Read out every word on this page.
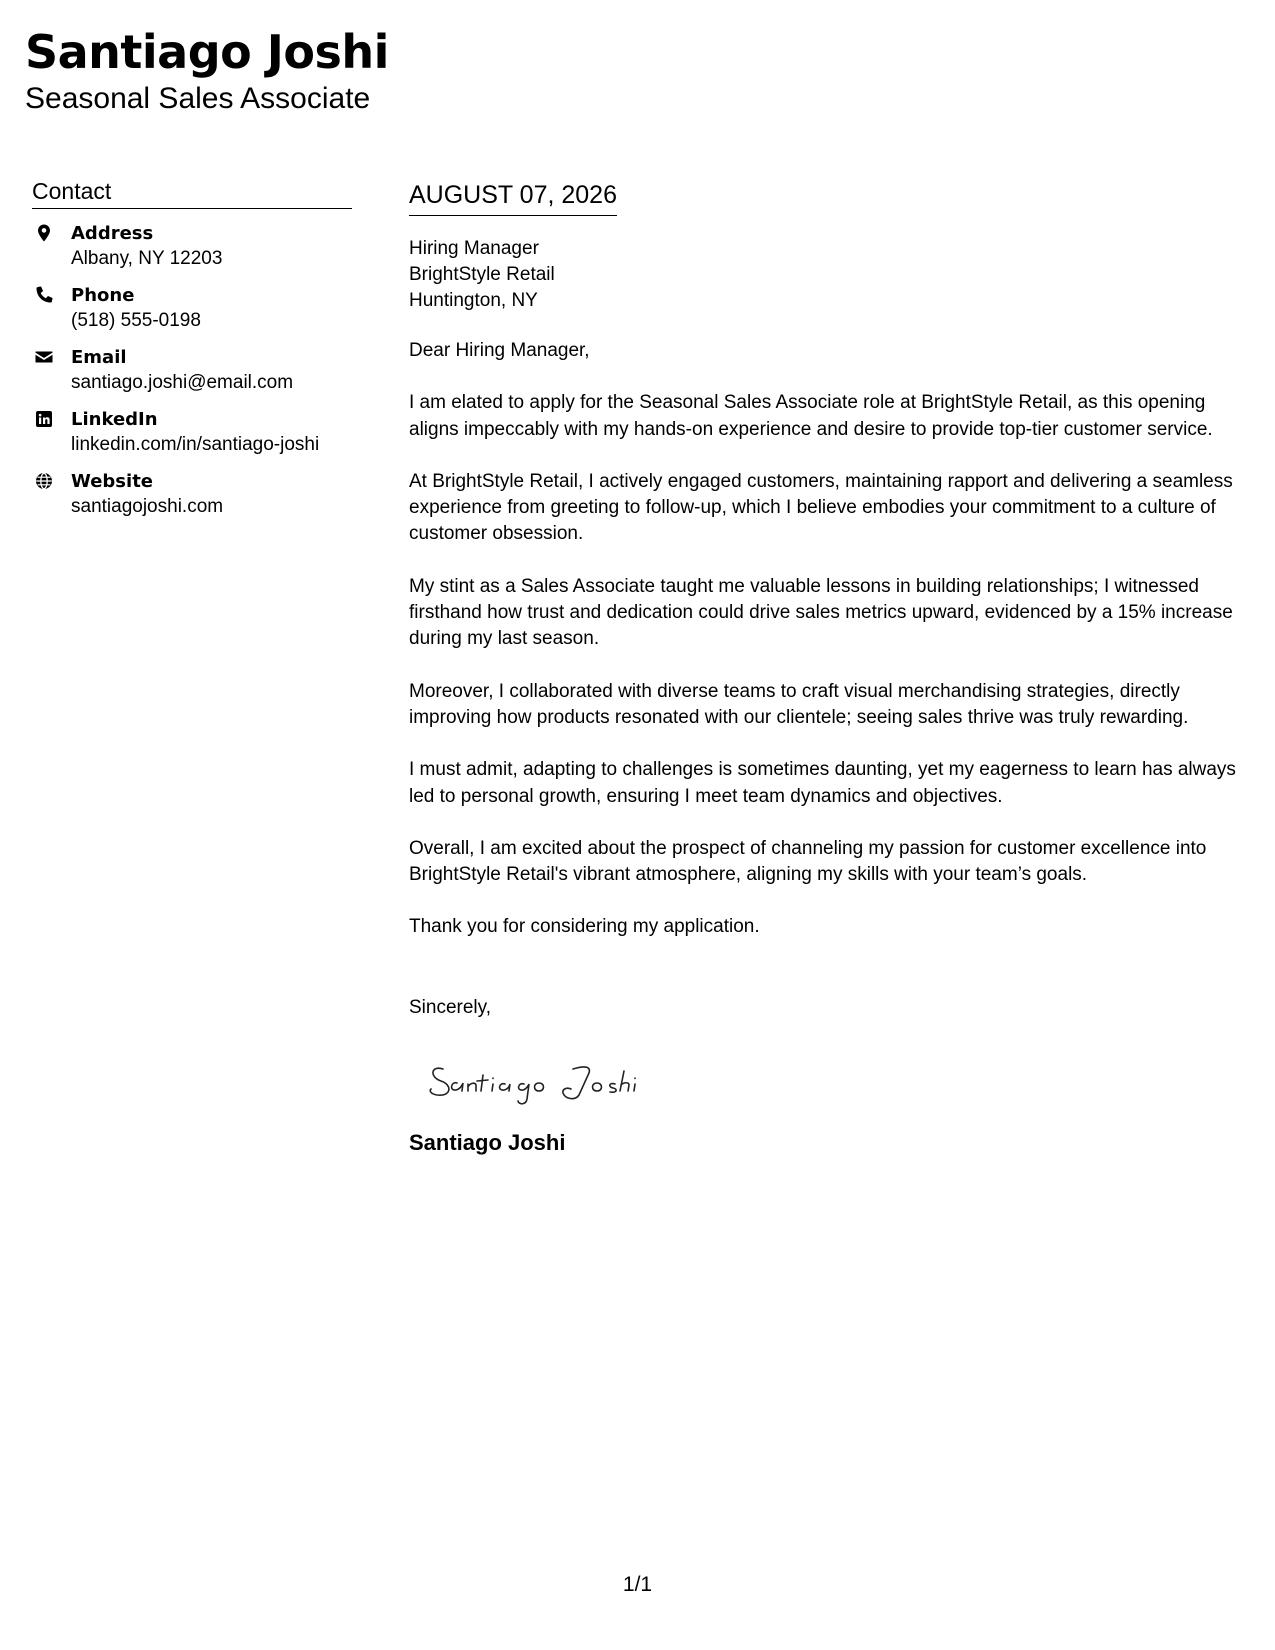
Santiago Joshi
Seasonal Sales Associate
Contact
Address
Albany, NY 12203
Phone
(518) 555-0198
Email
santiago.joshi@email.com
LinkedIn
linkedin.com/in/santiago-joshi
Website
santiagojoshi.com
AUGUST 07, 2026
Hiring Manager
BrightStyle Retail
Huntington, NY

Dear Hiring Manager,

I am elated to apply for the Seasonal Sales Associate role at BrightStyle Retail, as this opening aligns impeccably with my hands-on experience and desire to provide top-tier customer service.

At BrightStyle Retail, I actively engaged customers, maintaining rapport and delivering a seamless experience from greeting to follow-up, which I believe embodies your commitment to a culture of customer obsession.

My stint as a Sales Associate taught me valuable lessons in building relationships; I witnessed firsthand how trust and dedication could drive sales metrics upward, evidenced by a 15% increase during my last season.

Moreover, I collaborated with diverse teams to craft visual merchandising strategies, directly improving how products resonated with our clientele; seeing sales thrive was truly rewarding.

I must admit, adapting to challenges is sometimes daunting, yet my eagerness to learn has always led to personal growth, ensuring I meet team dynamics and objectives.

Overall, I am excited about the prospect of channeling my passion for customer excellence into BrightStyle Retail's vibrant atmosphere, aligning my skills with your team’s goals.

Thank you for considering my application.

Sincerely,
Santiago Joshi
1/1
